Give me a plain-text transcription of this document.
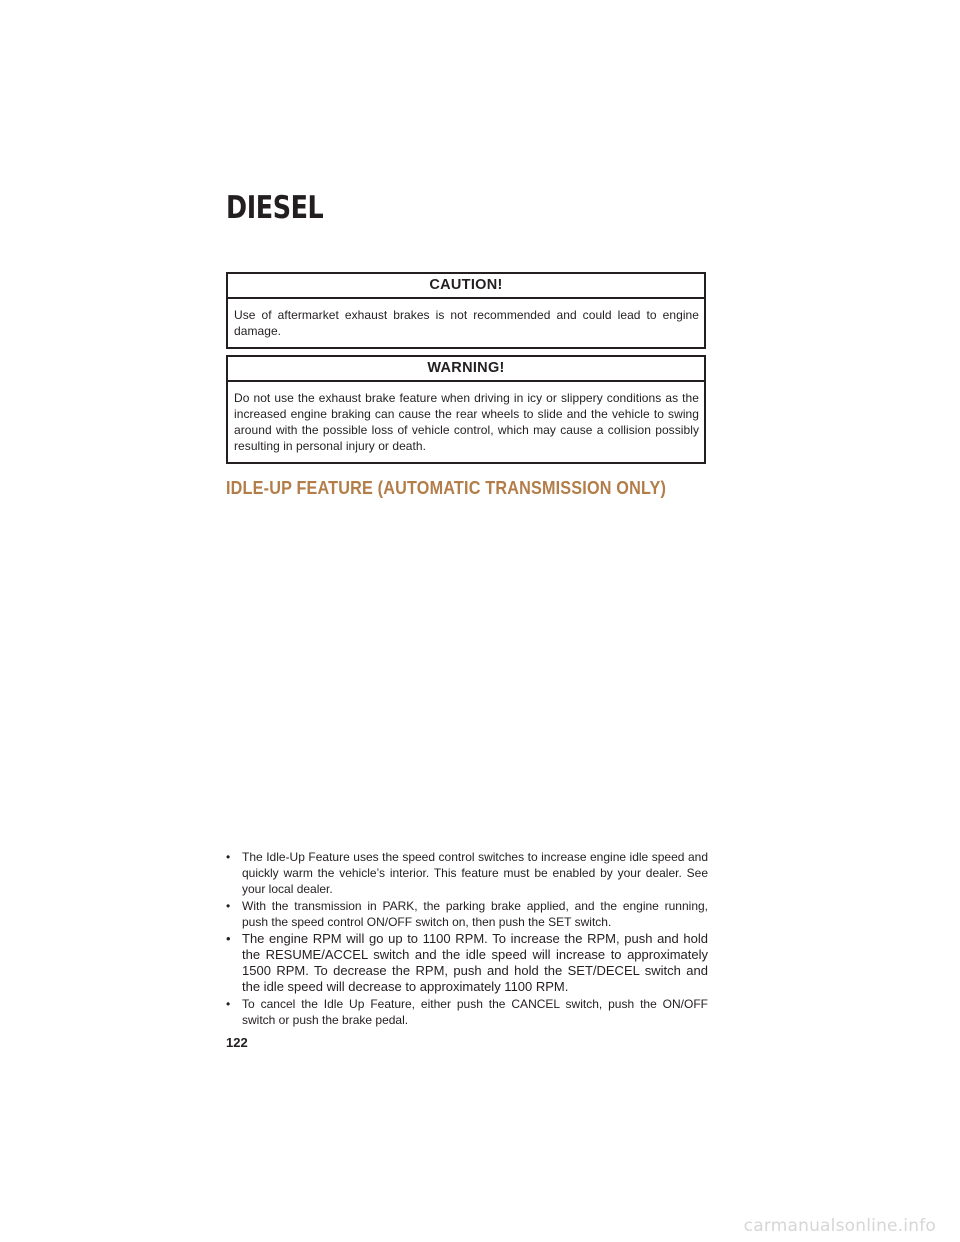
DIESEL
CAUTION!
Use of aftermarket exhaust brakes is not recommended and could lead to engine damage.
WARNING!
Do not use the exhaust brake feature when driving in icy or slippery conditions as the increased engine braking can cause the rear wheels to slide and the vehicle to swing around with the possible loss of vehicle control, which may cause a collision possibly resulting in personal injury or death.
IDLE-UP FEATURE (AUTOMATIC TRANSMISSION ONLY)
• The Idle-Up Feature uses the speed control switches to increase engine idle speed and quickly warm the vehicle’s interior. This feature must be enabled by your dealer. See your local dealer.
• With the transmission in PARK, the parking brake applied, and the engine running, push the speed control ON/OFF switch on, then push the SET switch.
• The engine RPM will go up to 1100 RPM. To increase the RPM, push and hold the RESUME/ACCEL switch and the idle speed will increase to approximately 1500 RPM. To decrease the RPM, push and hold the SET/DECEL switch and the idle speed will decrease to approximately 1100 RPM.
• To cancel the Idle Up Feature, either push the CANCEL switch, push the ON/OFF switch or push the brake pedal.
122
carmanualsonline.info
